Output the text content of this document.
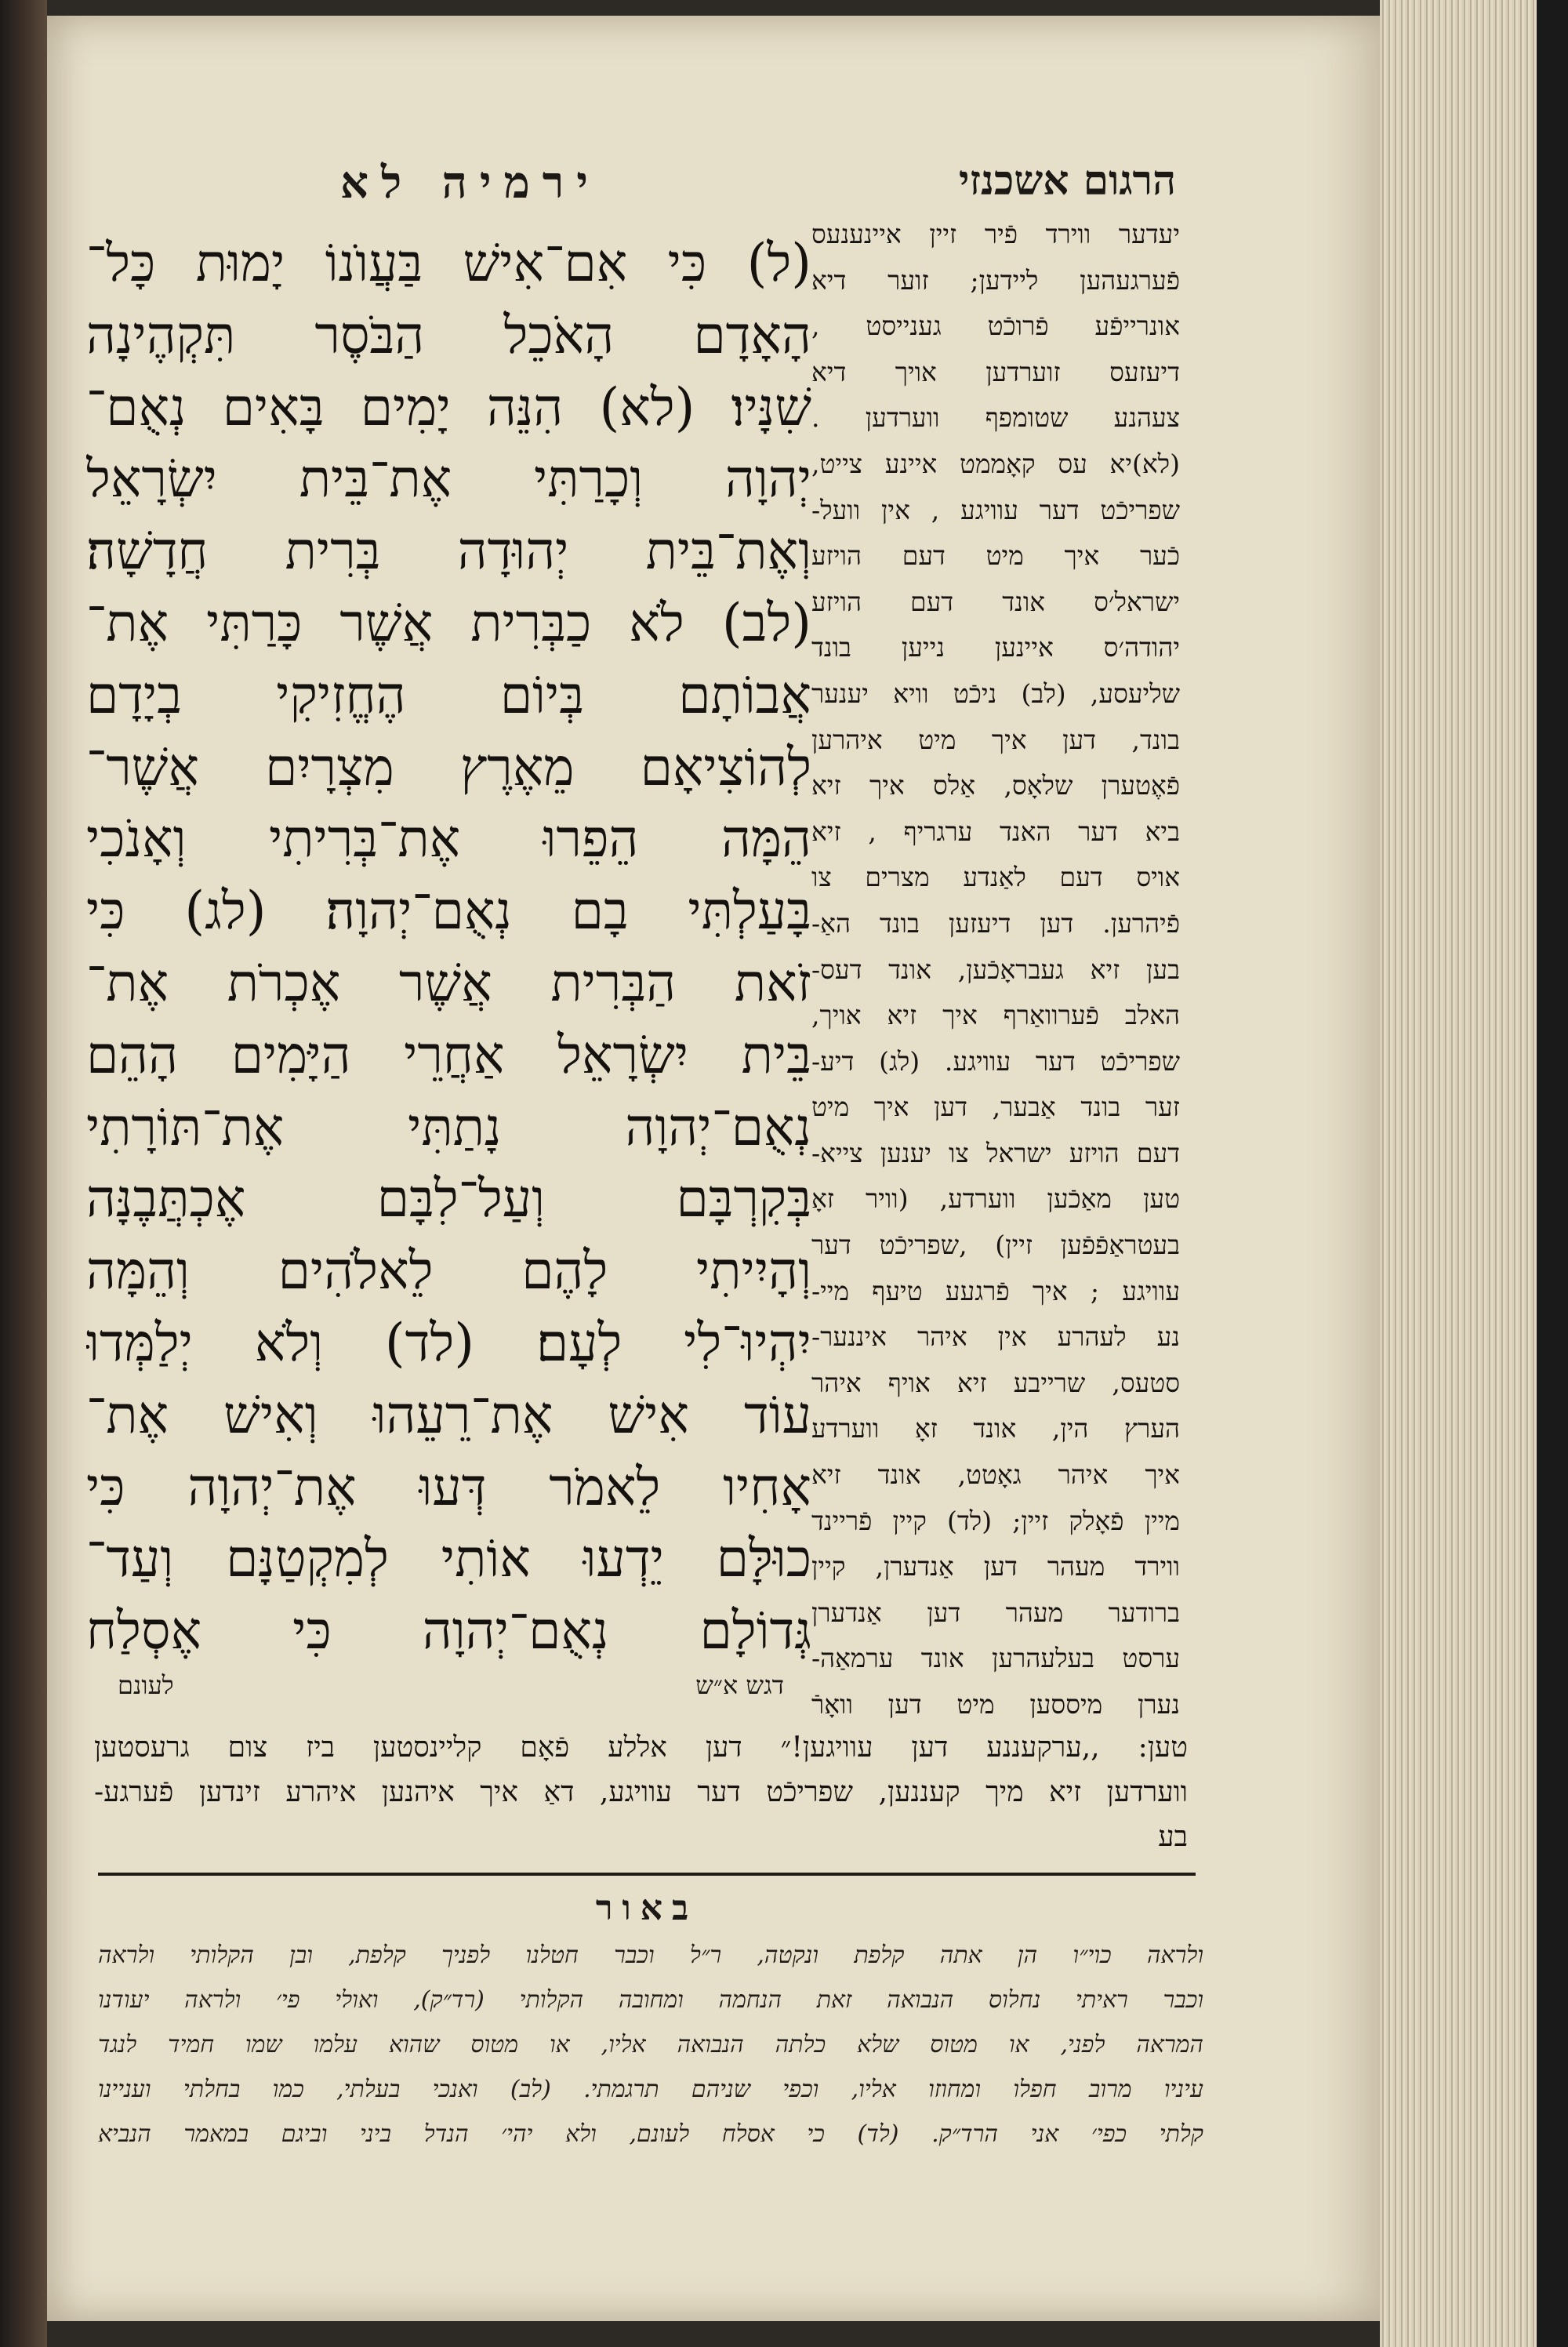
ירמיה לא	הרגום אשכנזי
(ל) כִּי אִם־אִישׁ בַּעֲוֺנוֹ יָמוּת כָּל־
הָאָדָם הָאֹכֵל הַבֹּסֶר תִּקְהֶינָה
שִׁנָּיו׃ (לא) הִנֵּה יָמִים בָּאִים נְאֻם־
יְהוָה וְכָרַתִּי אֶת־בֵּית יִשְׂרָאֵל
וְאֶת־בֵּית יְהוּדָה בְּרִית חֲדָשָׁה׃
(לב) לֹא כַבְּרִית אֲשֶׁר כָּרַתִּי אֶת־
אֲבוֹתָם בְּיוֹם הֶחֱזִיקִי בְיָדָם
לְהוֹצִיאָם מֵאֶרֶץ מִצְרָיִם אֲשֶׁר־
הֵמָּה הֵפֵרוּ אֶת־בְּרִיתִי וְאָנֹכִי
בָּעַלְתִּי בָם נְאֻם־יְהוָה׃ (לג) כִּי
זֹאת הַבְּרִית אֲשֶׁר אֶכְרֹת אֶת־
בֵּית יִשְׂרָאֵל אַחֲרֵי הַיָּמִים הָהֵם
נְאֻם־יְהוָה נָתַתִּי אֶת־תּוֹרָתִי
בְּקִרְבָּם וְעַל־לִבָּם אֶכְתֲּבֶנָּה
וְהָיִיתִי לָהֶם לֵאלֹהִים וְהֵמָּה
יִהְיוּ־לִי לְעָם׃ (לד) וְלֹא יְלַמְּדוּ
עוֹד אִישׁ אֶת־רֵעֵהוּ וְאִישׁ אֶת־
אָחִיו לֵאמֹר דְּעוּ אֶת־יְהוָה כִּי
כוּלָּם יֵדְעוּ אוֹתִי לְמִקְטַנָּם וְעַד־
גְּדוֹלָם נְאֻם־יְהוָה כִּי אֶסְלַח
לעונם	דגש א״ש
יעדער ווירד פֿיר זיין איינענעס
פֿערגעהען ליידען; זוער דיא
אונרייפֿע פֿרוכֿט גענייסט ,
דיעזעס זוערדען אויך דיא
צעהנע שטומפף ווערדען .
(לא)יא עס קאָממט איינע צייט,
שפריכֿט דער עוויגע , אין וועל-
כֿער איך מיט דעם הויזע
ישראל׳ס אונד דעם הויזע
יהודה׳ס איינען נייען בונד
שליעסע, (לב) ניכֿט וויא יענער
בונד, דען איך מיט איהרען
פֿאֶטערן שלאָס, אַלס איך זיא
ביא דער האנד ערגריף , זיא
אויס דעם לאַנדע מצרים צו
פֿיהרען. דען דיעזען בונד האַ-
בען זיא געבראָכֿען, אונד דעס-
האלב פֿערוואַרף איך זיא אויך,
שפריכֿט דער עוויגע. (לג) דיע-
זער בונד אַבער, דען איך מיט
דעם הויזע ישראל צו יענען צייא-
טען מאַכֿען ווערדע, (וויר זאָ
בעטראַפֿפֿען זיין) ,שפריכֿט דער
עוויגע ; איך פֿרגעע טיעף מיי-
נע לעהרע אין איהר איננער-
סטעס, שרייבע זיא אויף איהר
הערץ הין, אונד זאָ ווערדע
איך איהר גאָטט, אונד זיא
מיין פֿאָלק זיין; (לד) קיין פֿריינד
ווירד מעהר דען אַנדערן, קיין
ברודער מעהר דען אַנדערן
ערסט בעלעהרען אונד ערמאַה-
נערן מיססען מיט דען וואָרֿ
טען: ,,ערקעננע דען עוויגען!״ דען אללע פֿאָם קליינסטען ביז צום גרעסטען
ווערדען זיא מיך קעננען, שפריכֿט דער עוויגע, דאַ איך איהנען איהרע זינדען פֿערגע-
בע
באור
ולראה כוי״ו הן אתה קלפת ונקטה, ר״ל וכבר חטלנו לפניך קלפת, ובן הקלותי ולראה
וכבר ראיתי נחלוס הנבואה זאת הנחמה ומחובה הקלותי (רד״ק), ואולי פי׳ ולראה יעודנו
המראה לפני, או מטוס שלא כלתה הנבואה אליו, או מטוס שהוא עלמו שמו חמיד לנגד
עיניו מרוב חפלו ומחוזו אליו, וכפי שניהם תרגמתי. (לב) ואנכי בעלתי, כמו בחלתי ועניינו
קלתי כפי׳ אני הרד״ק. (לד) כי אסלח לעונם, ולא יהי׳ הנדל ביני וביגם במאמר הנביא
